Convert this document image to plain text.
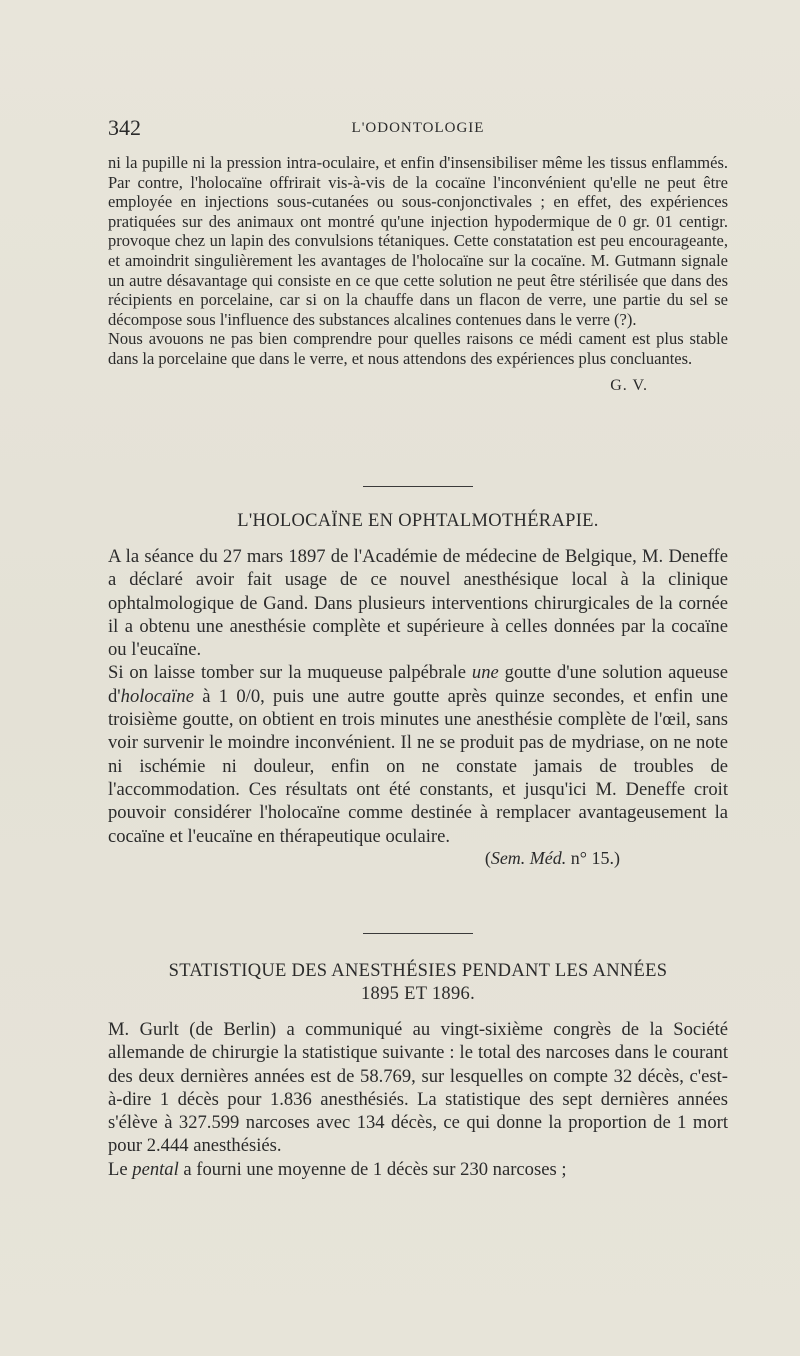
342	L'ODONTOLOGIE

ni la pupille ni la pression intra-oculaire, et enfin d'insensibiliser même les tissus enflammés. Par contre, l'holocaïne offrirait vis-à-vis de la cocaïne l'inconvénient qu'elle ne peut être employée en injections sous-cutanées ou sous-conjonctivales ; en effet, des expériences pratiquées sur des animaux ont montré qu'une injection hypodermique de 0 gr. 01 centigr. provoque chez un lapin des convulsions tétaniques. Cette constatation est peu encourageante, et amoindrit singulièrement les avantages de l'holocaïne sur la cocaïne. M. Gutmann signale un autre désavantage qui consiste en ce que cette solution ne peut être stérilisée que dans des récipients en porcelaine, car si on la chauffe dans un flacon de verre, une partie du sel se décompose sous l'influence des substances alcalines contenues dans le verre (?).

Nous avouons ne pas bien comprendre pour quelles raisons ce médi cament est plus stable dans la porcelaine que dans le verre, et nous attendons des expériences plus concluantes.

G. V.

L'HOLOCAÏNE EN OPHTALMOTHÉRAPIE.

A la séance du 27 mars 1897 de l'Académie de médecine de Belgique, M. Deneffe a déclaré avoir fait usage de ce nouvel anesthésique local à la clinique ophtalmologique de Gand. Dans plusieurs interventions chirurgicales de la cornée il a obtenu une anesthésie complète et supérieure à celles données par la cocaïne ou l'eucaïne.

Si on laisse tomber sur la muqueuse palpébrale une goutte d'une solution aqueuse d'holocaïne à 1 0/0, puis une autre goutte après quinze secondes, et enfin une troisième goutte, on obtient en trois minutes une anesthésie complète de l'œil, sans voir survenir le moindre inconvénient. Il ne se produit pas de mydriase, on ne note ni ischémie ni douleur, enfin on ne constate jamais de troubles de l'accommodation. Ces résultats ont été constants, et jusqu'ici M. Deneffe croit pouvoir considérer l'holocaïne comme destinée à remplacer avantageusement la cocaïne et l'eucaïne en thérapeutique oculaire.

(Sem. Méd. n° 15.)

STATISTIQUE DES ANESTHÉSIES PENDANT LES ANNÉES

1895 ET 1896.

M. Gurlt (de Berlin) a communiqué au vingt-sixième congrès de la Société allemande de chirurgie la statistique suivante : le total des narcoses dans le courant des deux dernières années est de 58.769, sur lesquelles on compte 32 décès, c'est-à-dire 1 décès pour 1.836 anesthésiés. La statistique des sept dernières années s'élève à 327.599 narcoses avec 134 décès, ce qui donne la proportion de 1 mort pour 2.444 anesthésiés.

Le pental a fourni une moyenne de 1 décès sur 230 narcoses ;
